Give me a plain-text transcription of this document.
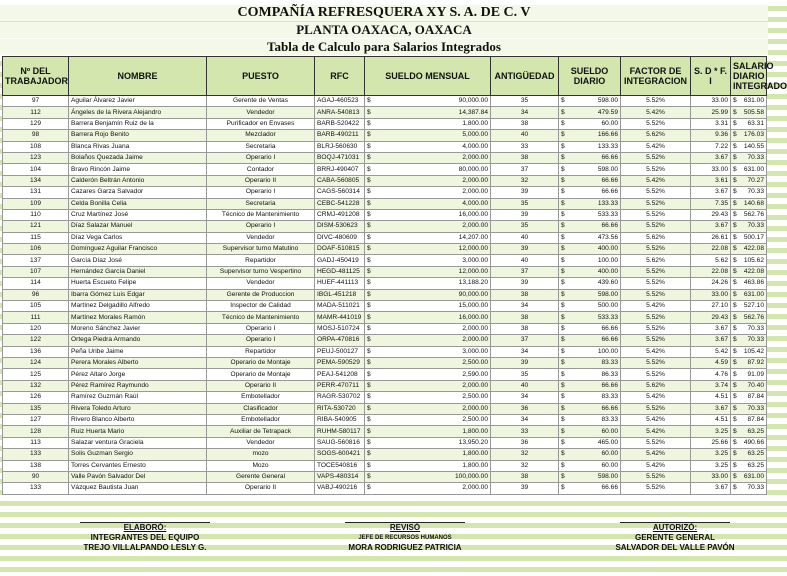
COMPAÑÍA REFRESQUERA XY S. A. DE C. V
PLANTA OAXACA, OAXACA
Tabla de Calculo para Salarios Integrados
Nº DEL TRABAJADOR	NOMBRE	PUESTO	RFC	SUELDO MENSUAL	ANTIGÜEDAD	SUELDO DIARIO	FACTOR DE INTEGRACION	S. D * F. I	SALARIO DIARIO INTEGRADO
97	Aguilar Álvarez Javier	Gerente de Ventas	AGAJ-460523	$ 90,000.00	35	$ 598.00	5.52%	33.00	$ 631.00

112	Ángeles de la Rivera Alejandro	Vendedor	ANRA-540813	$ 14,387.84	34	$ 479.59	5.42%	25.99	$ 505.58

129	Barrera Benjamín Ruiz de la	Purificador en Envases	BARB-520422	$ 1,800.00	38	$ 60.00	5.52%	3.31	$ 63.31

98	Barrera Rojo Benito	Mezclador	BARB-490211	$ 5,000.00	40	$ 166.66	5.62%	9.36	$ 176.03

108	Blanca Rivas Juana	Secretaria	BLRJ-560630	$ 4,000.00	33	$ 133.33	5.42%	7.22	$ 140.55

123	Bolaños Quezada Jaime	Operario I	BOQJ-471031	$ 2,000.00	38	$ 66.66	5.52%	3.67	$ 70.33

104	Bravo Rincón Jaime	Contador	BRRJ-490407	$ 80,000.00	37	$ 598.00	5.52%	33.00	$ 631.00

134	Calderón Beltrán Antonio	Operario II	CABA-560805	$ 2,000.00	32	$ 66.66	5.42%	3.61	$ 70.27

131	Cazares Garza Salvador	Operario I	CAGS-560314	$ 2,000.00	39	$ 66.66	5.52%	3.67	$ 70.33

109	Celda Bonilla Celia	Secretaria	CEBC-541228	$ 4,000.00	35	$ 133.33	5.52%	7.35	$ 140.68

110	Cruz Martínez José	Técnico de Mantenimiento	CRMJ-491208	$ 16,000.00	39	$ 533.33	5.52%	29.43	$ 562.76

121	Díaz Salazar Manuel	Operario I	DISM-530623	$ 2,000.00	35	$ 66.66	5.52%	3.67	$ 70.33

115	Díaz Vega Carlos	Vendedor	DIVC-480609	$ 14,207.00	40	$ 473.56	5.62%	26.61	$ 500.17

106	Domínguez Aguilar Francisco	Supervisor turno Matutino	DOAF-510815	$ 12,000.00	39	$ 400.00	5.52%	22.08	$ 422.08

137	García Díaz José	Repartidor	GADJ-450419	$ 3,000.00	40	$ 100.00	5.62%	5.62	$ 105.62

107	Hernández García Daniel	Supervisor turno Vespertino	HEGD-481125	$ 12,000.00	37	$ 400.00	5.52%	22.08	$ 422.08

114	Huerta Escueto Felipe	Vendedor	HUEF-441113	$ 13,188.20	39	$ 439.60	5.52%	24.26	$ 463.86

96	Ibarra Gómez Luis Edgar	Gerente de Produccion	IBGL-451218	$ 90,000.00	38	$ 598.00	5.52%	33.00	$ 631.00

105	Martínez Delgadillo Alfredo	Inspector de Calidad	MADA-511021	$ 15,000.00	34	$ 500.00	5.42%	27.10	$ 527.10

111	Martínez Morales Ramón	Técnico de Mantenimiento	MAMR-441019	$ 16,000.00	38	$ 533.33	5.52%	29.43	$ 562.76

120	Moreno Sánchez Javier	Operario I	MOSJ-510724	$ 2,000.00	38	$ 66.66	5.52%	3.67	$ 70.33

122	Ortega Piedra Armando	Operario I	ORPA-470816	$ 2,000.00	37	$ 66.66	5.52%	3.67	$ 70.33

136	Peña Uribe Jaime	Repartidor	PEUJ-500127	$ 3,000.00	34	$ 100.00	5.42%	5.42	$ 105.42

124	Perera Morales Alberto	Operario de Montaje	PEMA-590529	$ 2,500.00	39	$ 83.33	5.52%	4.59	$ 87.92

125	Pérez Altaro Jorge	Operario de Montaje	PEAJ-541208	$ 2,590.00	35	$ 86.33	5.52%	4.76	$ 91.09

132	Pérez Ramírez Raymundo	Operario II	PERR-470711	$ 2,000.00	40	$ 66.66	5.62%	3.74	$ 70.40

126	Ramírez Guzmán Raúl	Embotellador	RAGR-530702	$ 2,500.00	34	$ 83.33	5.42%	4.51	$ 87.84

135	Rivera Toledo Arturo	Clasificador	RITA-530720	$ 2,000.00	36	$ 66.66	5.52%	3.67	$ 70.33

127	Rivero Blanco Alberto	Embotellador	RIBA-540905	$ 2,500.00	34	$ 83.33	5.42%	4.51	$ 87.84

128	Ruiz Huerta Mario	Auxiliar de Tetrapack	RUHM-580117	$ 1,800.00	33	$ 60.00	5.42%	3.25	$ 63.25

113	Salazar ventura Graciela	Vendedor	SAUG-560816	$ 13,950.20	36	$ 465.00	5.52%	25.66	$ 490.66

133	Solis Guzman Sergio	mozo	SOGS-600421	$ 1,800.00	32	$ 60.00	5.42%	3.25	$ 63.25

138	Torres Cervantes Ernesto	Mozo	TOCE540816	$ 1,800.00	32	$ 60.00	5.42%	3.25	$ 63.25

90	Valle Pavón Salvador Del	Gerente General	VAPS-480314	$ 100,000.00	38	$ 598.00	5.52%	33.00	$ 631.00

133	Vázquez Bautista Juan	Operario II	VABJ-490216	$ 2,000.00	39	$ 66.66	5.52%	3.67	$ 70.33
ELABORÓ:
INTEGRANTES DEL EQUIPO
TREJO VILLALPANDO LESLY G.
REVISÓ
JEFE DE RECURSOS HUMANOS
MORA RODRIGUEZ PATRICIA
AUTORIZÓ:
GERENTE GENERAL
SALVADOR DEL VALLE PAVÓN
